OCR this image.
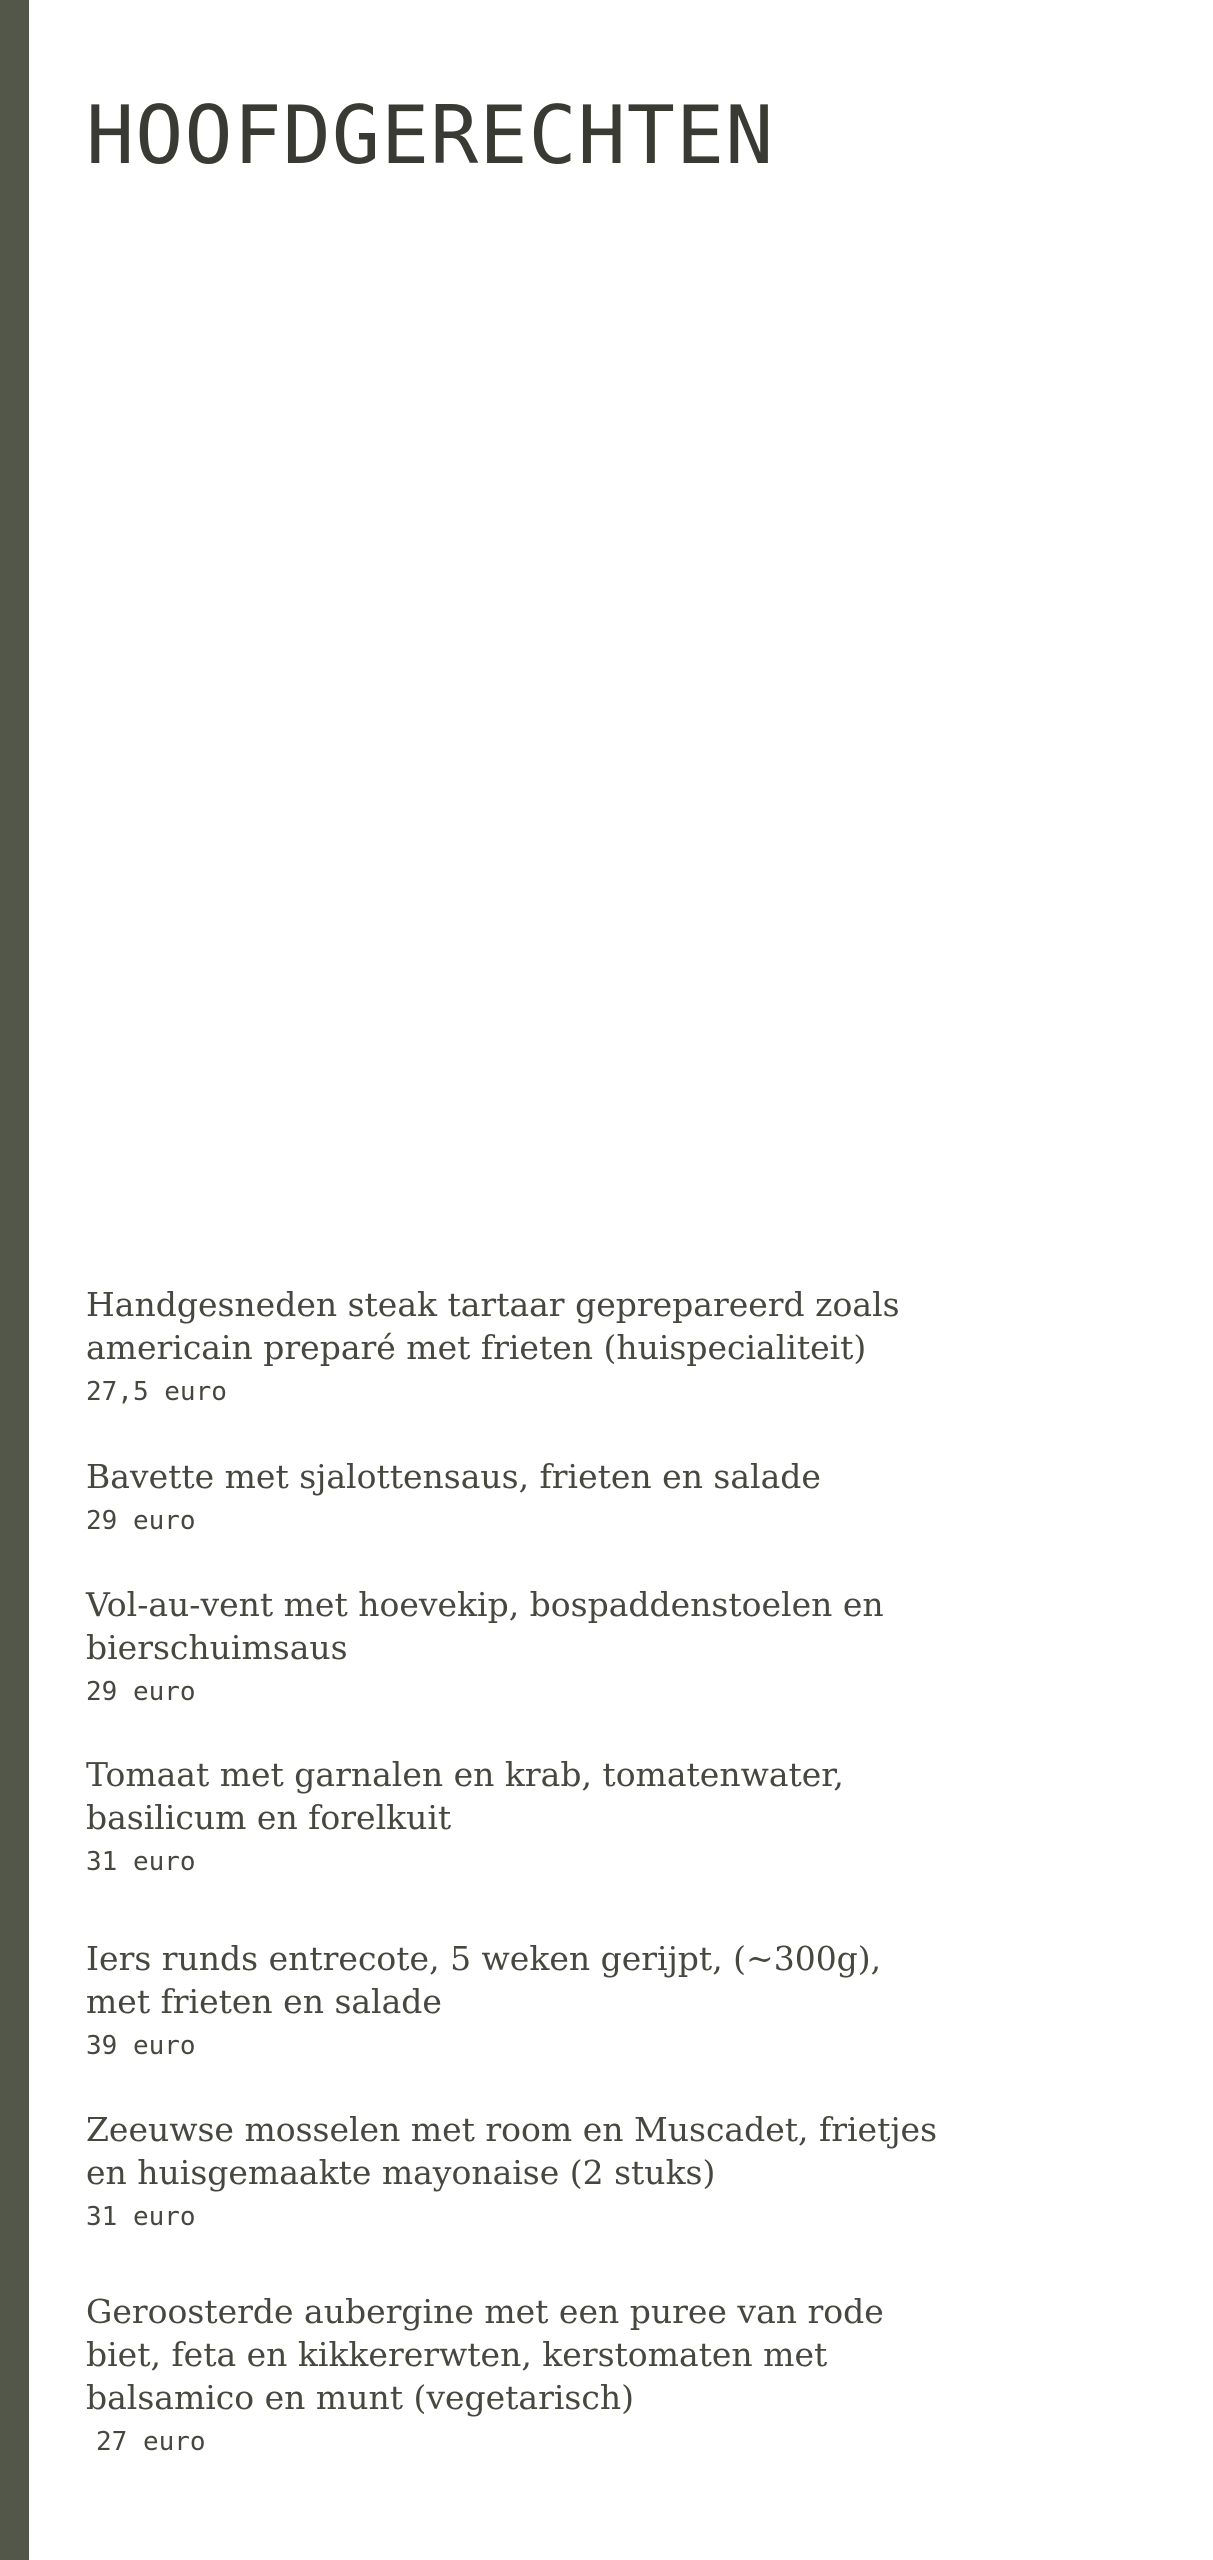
HOOFDGERECHTEN
Handgesneden steak tartaar geprepareerd zoals americain preparé met frieten (huispecialiteit)
27,5 euro
Bavette met sjalottensaus, frieten en salade
29 euro
Vol-au-vent met hoevekip, bospaddenstoelen en bierschuimsaus
29 euro
Tomaat met garnalen en krab, tomatenwater, basilicum en forelkuit
31 euro
Iers runds entrecote, 5 weken gerijpt, (~300g), met frieten en salade
39 euro
Zeeuwse mosselen met room en Muscadet, frietjes en huisgemaakte mayonaise (2 stuks)
31 euro
Geroosterde aubergine met een puree van rode biet, feta en kikkererwten, kerstomaten met balsamico en munt (vegetarisch)
27 euro
